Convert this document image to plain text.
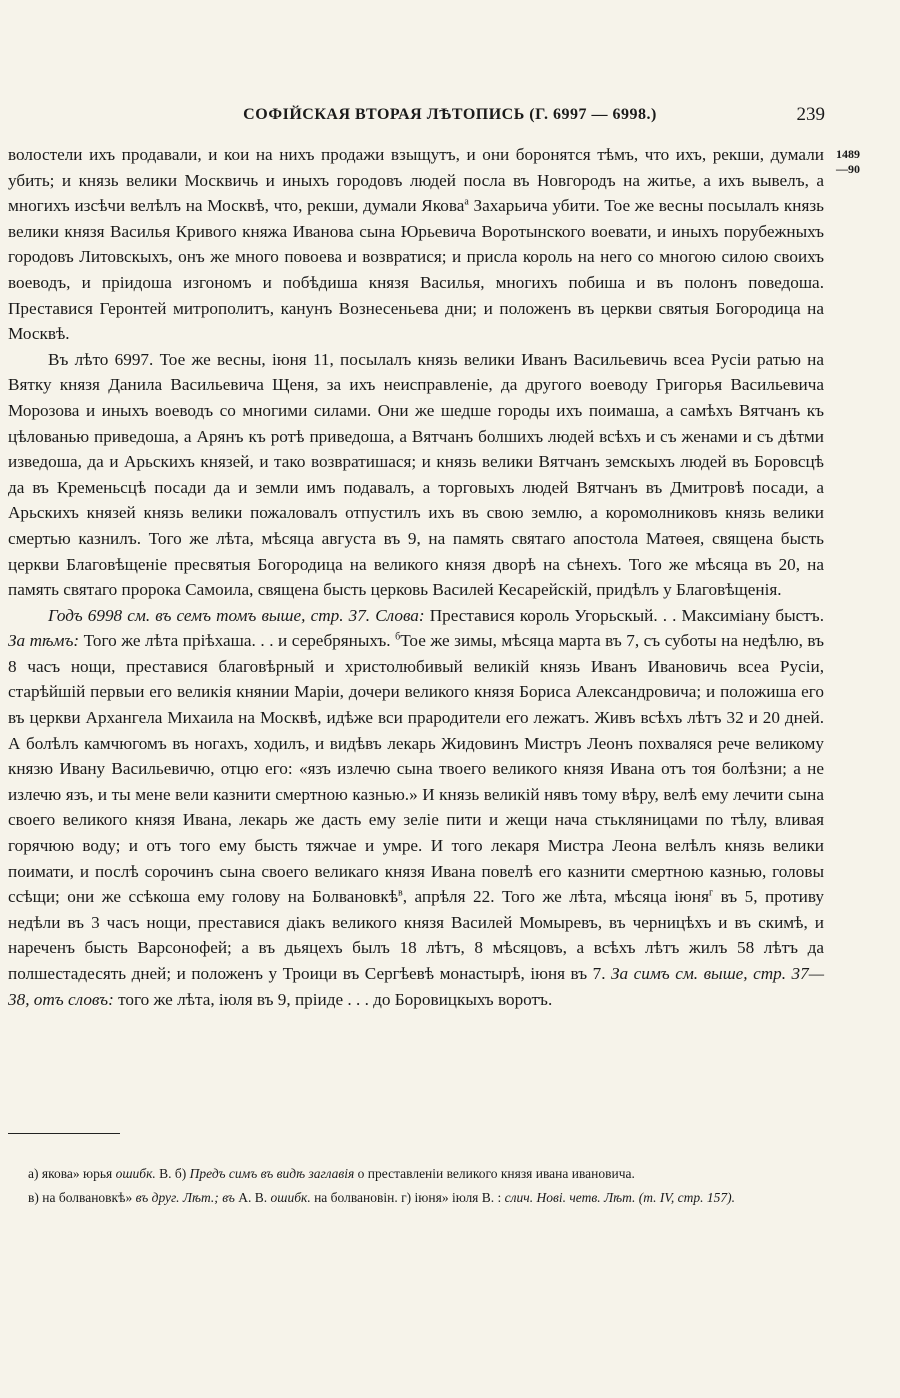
СОФІЙСКАЯ ВТОРАЯ ЛѢТОПИСЬ (Г. 6997 — 6998.)	239
1489
—90

волостели ихъ продавали, и кои на нихъ продажи взыщутъ, и они боронятся тѣмъ, что ихъ, рекши, думали убить; и князь велики Москвичь и иныхъ городовъ людей посла въ Новгородъ на житье, а ихъ вывелъ, а многихъ изсѣчи велѣлъ на Москвѣ, что, рекши, думали Якова$^а$ Захарьича убити. Тое же весны посылалъ князь велики князя Василья Кривого княжа Иванова сына Юрьевича Воротынского воевати, и иныхъ порубежныхъ городовъ Литовскыхъ, онъ же много повоева и возвратися; и присла король на него со многою силою своихъ воеводъ, и пріидоша изгономъ и побѣдиша князя Василья, многихъ побиша и въ полонъ поведоша. Преставися Геронтей митрополитъ, канунъ Вознесеньева дни; и положенъ въ церкви святыя Богородица на Москвѣ.

Въ лѣто 6997. Тое же весны, іюня 11, посылалъ князь велики Иванъ Васильевичь всеа Русіи ратью на Вятку князя Данила Васильевича Щеня, за ихъ неисправленіе, да другого воеводу Григорья Васильевича Морозова и иныхъ воеводъ со многими силами. Они же шедше городы ихъ поимаша, а самѣхъ Вятчанъ къ цѣлованью приведоша, а Арянъ къ ротѣ приведоша, а Вятчанъ болшихъ людей всѣхъ и съ женами и съ дѣтми изведоша, да и Арьскихъ князей, и тако возвратишася; и князь велики Вятчанъ земскыхъ людей въ Боровсцѣ да въ Кременьсцѣ посади да и земли имъ подавалъ, а торговыхъ людей Вятчанъ въ Дмитровѣ посади, а Арьскихъ князей князь велики пожаловалъ отпустилъ ихъ въ свою землю, а коромолниковъ князь велики смертью казнилъ. Того же лѣта, мѣсяца августа въ 9, на память святаго апостола Матѳея, священа бысть церкви Благовѣщеніе пресвятыя Богородица на великого князя дворѣ на сѣнехъ. Того же мѣсяца въ 20, на память святаго пророка Самоила, священа бысть церковь Василей Кесарейскій, придѣлъ у Благовѣщенія.

Годъ 6998 см. въ семъ томъ выше, стр. 37. Слова: Преставися король Угорьскый. . . Максиміану быстъ. За тѣмъ: Того же лѣта пріѣхаша. . . и серебряныхъ. $^б$Тое же зимы, мѣсяца марта въ 7, съ суботы на недѣлю, въ 8 часъ нощи, преставися благовѣрный и христолюбивый великій князь Иванъ Ивановичь всеа Русіи, старѣйшій первыи его великія княнии Маріи, дочери великого князя Бориса Александровича; и положиша его въ церкви Архангела Михаила на Москвѣ, идѣже вси прародители его лежатъ. Живъ всѣхъ лѣтъ 32 и 20 дней. А болѣлъ камчюгомъ въ ногахъ, ходилъ, и видѣвъ лекарь Жидовинъ Мистръ Леонъ похваляся рече великому князю Ивану Васильевичю, отцю его: «язъ излечю сына твоего великого князя Ивана отъ тоя болѣзни; а не излечю язъ, и ты мене вели казнити смертною казнью.» И князь великій нявъ тому вѣру, велѣ ему лечити сына своего великого князя Ивана, лекарь же дасть ему зеліе пити и жещи нача стькляницами по тѣлу, вливая горячюю воду; и отъ того ему бысть тяжчае и умре. И того лекаря Мистра Леона велѣлъ князь велики поимати, и послѣ сорочинъ сына своего великаго князя Ивана повелѣ его казнити смертною казнью, головы ссѣщи; они же ссѣкоша ему голову на Болвановкѣ$^в$, апрѣля 22. Того же лѣта, мѣсяца іюня$^г$ въ 5, противу недѣли въ 3 часъ нощи, преставися діакъ великого князя Василей Момыревъ, въ черницѣхъ и въ скимѣ, и нареченъ бысть Варсонофей; а въ дьяцехъ былъ 18 лѣтъ, 8 мѣсяцовъ, а всѣхъ лѣтъ жилъ 58 лѣтъ да полшестадесять дней; и положенъ у Троици въ Сергѣевѣ монастырѣ, іюня въ 7. За симъ см. выше, стр. 37—38, отъ словъ: того же лѣта, іюля въ 9, пріиде . . . до Боровицкыхъ воротъ.

а) якова» юрья ошибк. В. б) Предъ симъ въ видѣ заглавія о преставленіи великого князя ивана ивановича.

в) на болвановкѣ» въ друг. Лѣт.; въ А. В. ошибк. на болвановін. г) іюня» іюля В. : слич. Нові. четв. Лѣт. (т. IV, стр. 157).
